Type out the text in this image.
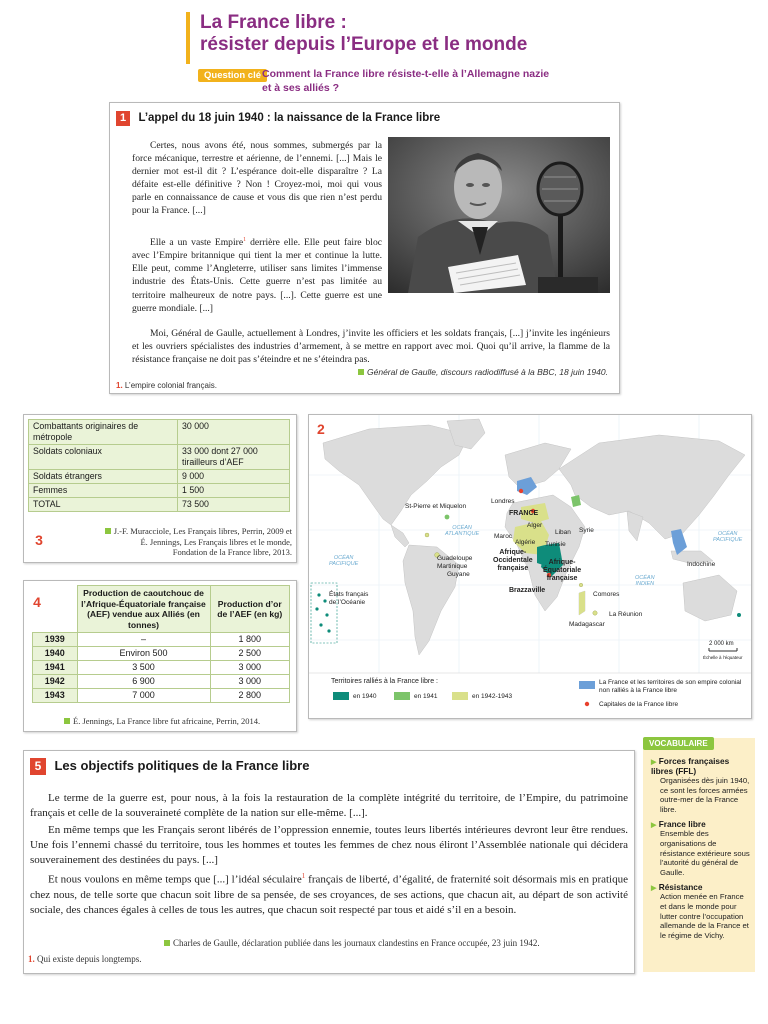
La France libre :
résister depuis l’Europe et le monde
Question clé Comment la France libre résiste-t-elle à l’Allemagne nazie
et à ses alliés ?
1 L’appel du 18 juin 1940 : la naissance de la France libre
Certes, nous avons été, nous sommes, submergés par la force mécanique, terrestre et aérienne, de l’ennemi. [...] Mais le dernier mot est-il dit ? L’espérance doit-elle disparaître ? La défaite est-elle définitive ? Non ! Croyez-moi, moi qui vous parle en connaissance de cause et vous dis que rien n’est perdu pour la France. [...]
Elle a un vaste Empire$^1$ derrière elle. Elle peut faire bloc avec l’Empire britannique qui tient la mer et continue la lutte. Elle peut, comme l’Angleterre, utiliser sans limites l’immense industrie des États-Unis. Cette guerre n’est pas limitée au territoire malheureux de notre pays. [...]. Cette guerre est une guerre mondiale. [...]
Moi, Général de Gaulle, actuellement à Londres, j’invite les officiers et les soldats français, [...] j’invite les ingénieurs et les ouvriers spécialistes des industries d’armement, à se mettre en rapport avec moi. Quoi qu’il arrive, la flamme de la résistance française ne doit pas s’éteindre et ne s’éteindra pas.
Général de Gaulle, discours radiodiffusé à la BBC, 18 juin 1940.
1. L’empire colonial français.
Combattants originaires de métropole	30 000
Soldats coloniaux	33 000 dont 27 000 tirailleurs d’AEF
Soldats étrangers	9 000
Femmes	1 500
TOTAL	73 500
3
J.-F. Muracciole, Les Français libres, Perrin, 2009 et
É. Jennings, Les Français libres et le monde,
Fondation de la France libre, 2013.
4
	Production de caoutchouc de l’Afrique-Équatoriale française (AEF) vendue aux Alliés (en tonnes)	Production d’or de l’AEF (en kg)
1939	–	1 800
1940	Environ 500	2 500
1941	3 500	3 000
1942	6 900	3 000
1943	7 000	2 800
É. Jennings, La France libre fut africaine, Perrin, 2014.
2
OCÉAN
ATLANTIQUE
OCÉAN
PACIFIQUE
OCÉAN
PACIFIQUE
OCÉAN
INDIEN
St-Pierre et Miquelon
Londres
FRANCE
Alger
Maroc
Algérie Tunisie
Liban Syrie
Afrique-
Occidentale
française
Afrique-
Équatoriale
française
Guadeloupe
Martinique
Guyane
Brazzaville
Comores
La Réunion
Madagascar
Indochine
États français
de l’Océanie
2 000 km
Échelle à l’équateur
Territoires ralliés à la France libre :
en 1940	en 1941	en 1942-1943
La France et les territoires de son empire colonial non ralliés à la France libre
Capitales de la France libre
5 Les objectifs politiques de la France libre
Le terme de la guerre est, pour nous, à la fois la restauration de la complète intégrité du territoire, de l’Empire, du patrimoine français et celle de la souveraineté complète de la nation sur elle-même. [...].
En même temps que les Français seront libérés de l’oppression ennemie, toutes leurs libertés intérieures devront leur être rendues. Une fois l’ennemi chassé du territoire, tous les hommes et toutes les femmes de chez nous éliront l’Assemblée nationale qui décidera souverainement des destinées du pays. [...]
Et nous voulons en même temps que [...] l’idéal séculaire$^1$ français de liberté, d’égalité, de fraternité soit désormais mis en pratique chez nous, de telle sorte que chacun soit libre de sa pensée, de ses croyances, de ses actions, que chacun ait, au départ de son activité sociale, des chances égales à celles de tous les autres, que chacun soit respecté par tous et aidé s’il en a besoin.
Charles de Gaulle, déclaration publiée dans les journaux clandestins en France occupée, 23 juin 1942.
1. Qui existe depuis longtemps.
▶ Forces françaises libres (FFL)
Organisées dès juin 1940, ce sont les forces armées outre-mer de la France libre.
▶ France libre
Ensemble des organisations de résistance extérieure sous l’autorité du général de Gaulle.
▶ Résistance
Action menée en France et dans le monde pour lutter contre l’occupation allemande de la France et le régime de Vichy.
VOCABULAIRE
